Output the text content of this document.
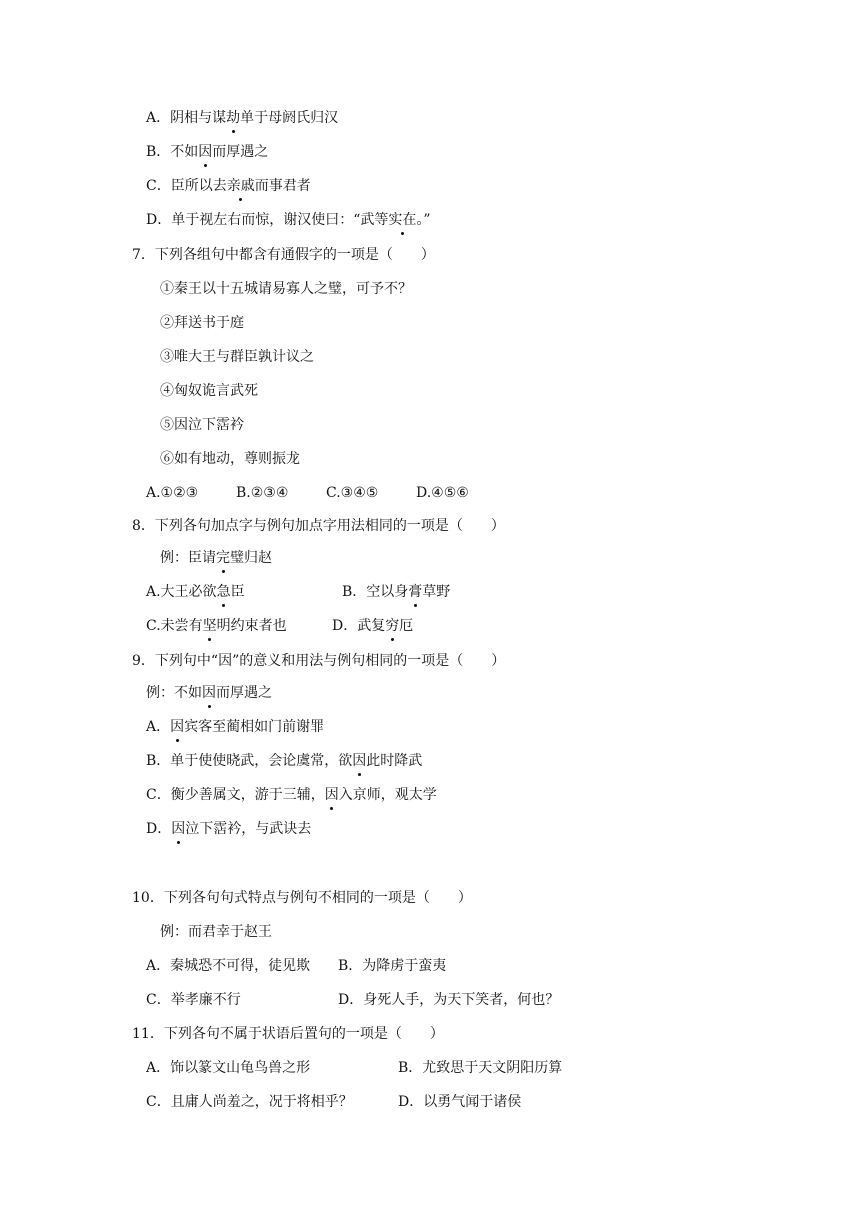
A．阴相与谋劫单于母阏氏归汉
B．不如因而厚遇之
C．臣所以去亲戚而事君者
D．单于视左右而惊，谢汉使曰：“武等实在。”
7．下列各组句中都含有通假字的一项是（　　）
①秦王以十五城请易寡人之璧，可予不？
②拜送书于庭
③唯大王与群臣孰计议之
④匈奴诡言武死
⑤因泣下霑衿
⑥如有地动，尊则振龙
A.①②③	B.②③④	C.③④⑤	D.④⑤⑥
8．下列各句加点字与例句加点字用法相同的一项是（　　）
例：臣请完璧归赵
A.大王必欲急臣	B．空以身膏草野
C.未尝有坚明约束者也	D．武复穷厄
9．下列句中“因”的意义和用法与例句相同的一项是（　　）
例：不如因而厚遇之
A．因宾客至蔺相如门前谢罪
B．单于使使晓武，会论虞常，欲因此时降武
C．衡少善属文，游于三辅，因入京师，观太学
D．因泣下霑衿，与武诀去
10．下列各句句式特点与例句不相同的一项是（　　）
例：而君幸于赵王
A．秦城恐不可得，徒见欺 B．为降虏于蛮夷
C．举孝廉不行	D．身死人手，为天下笑者，何也？
11．下列各句不属于状语后置句的一项是（　　）
A．饰以篆文山龟鸟兽之形	B．尤致思于天文阴阳历算
C．且庸人尚羞之，况于将相乎？	D．以勇气闻于诸侯
